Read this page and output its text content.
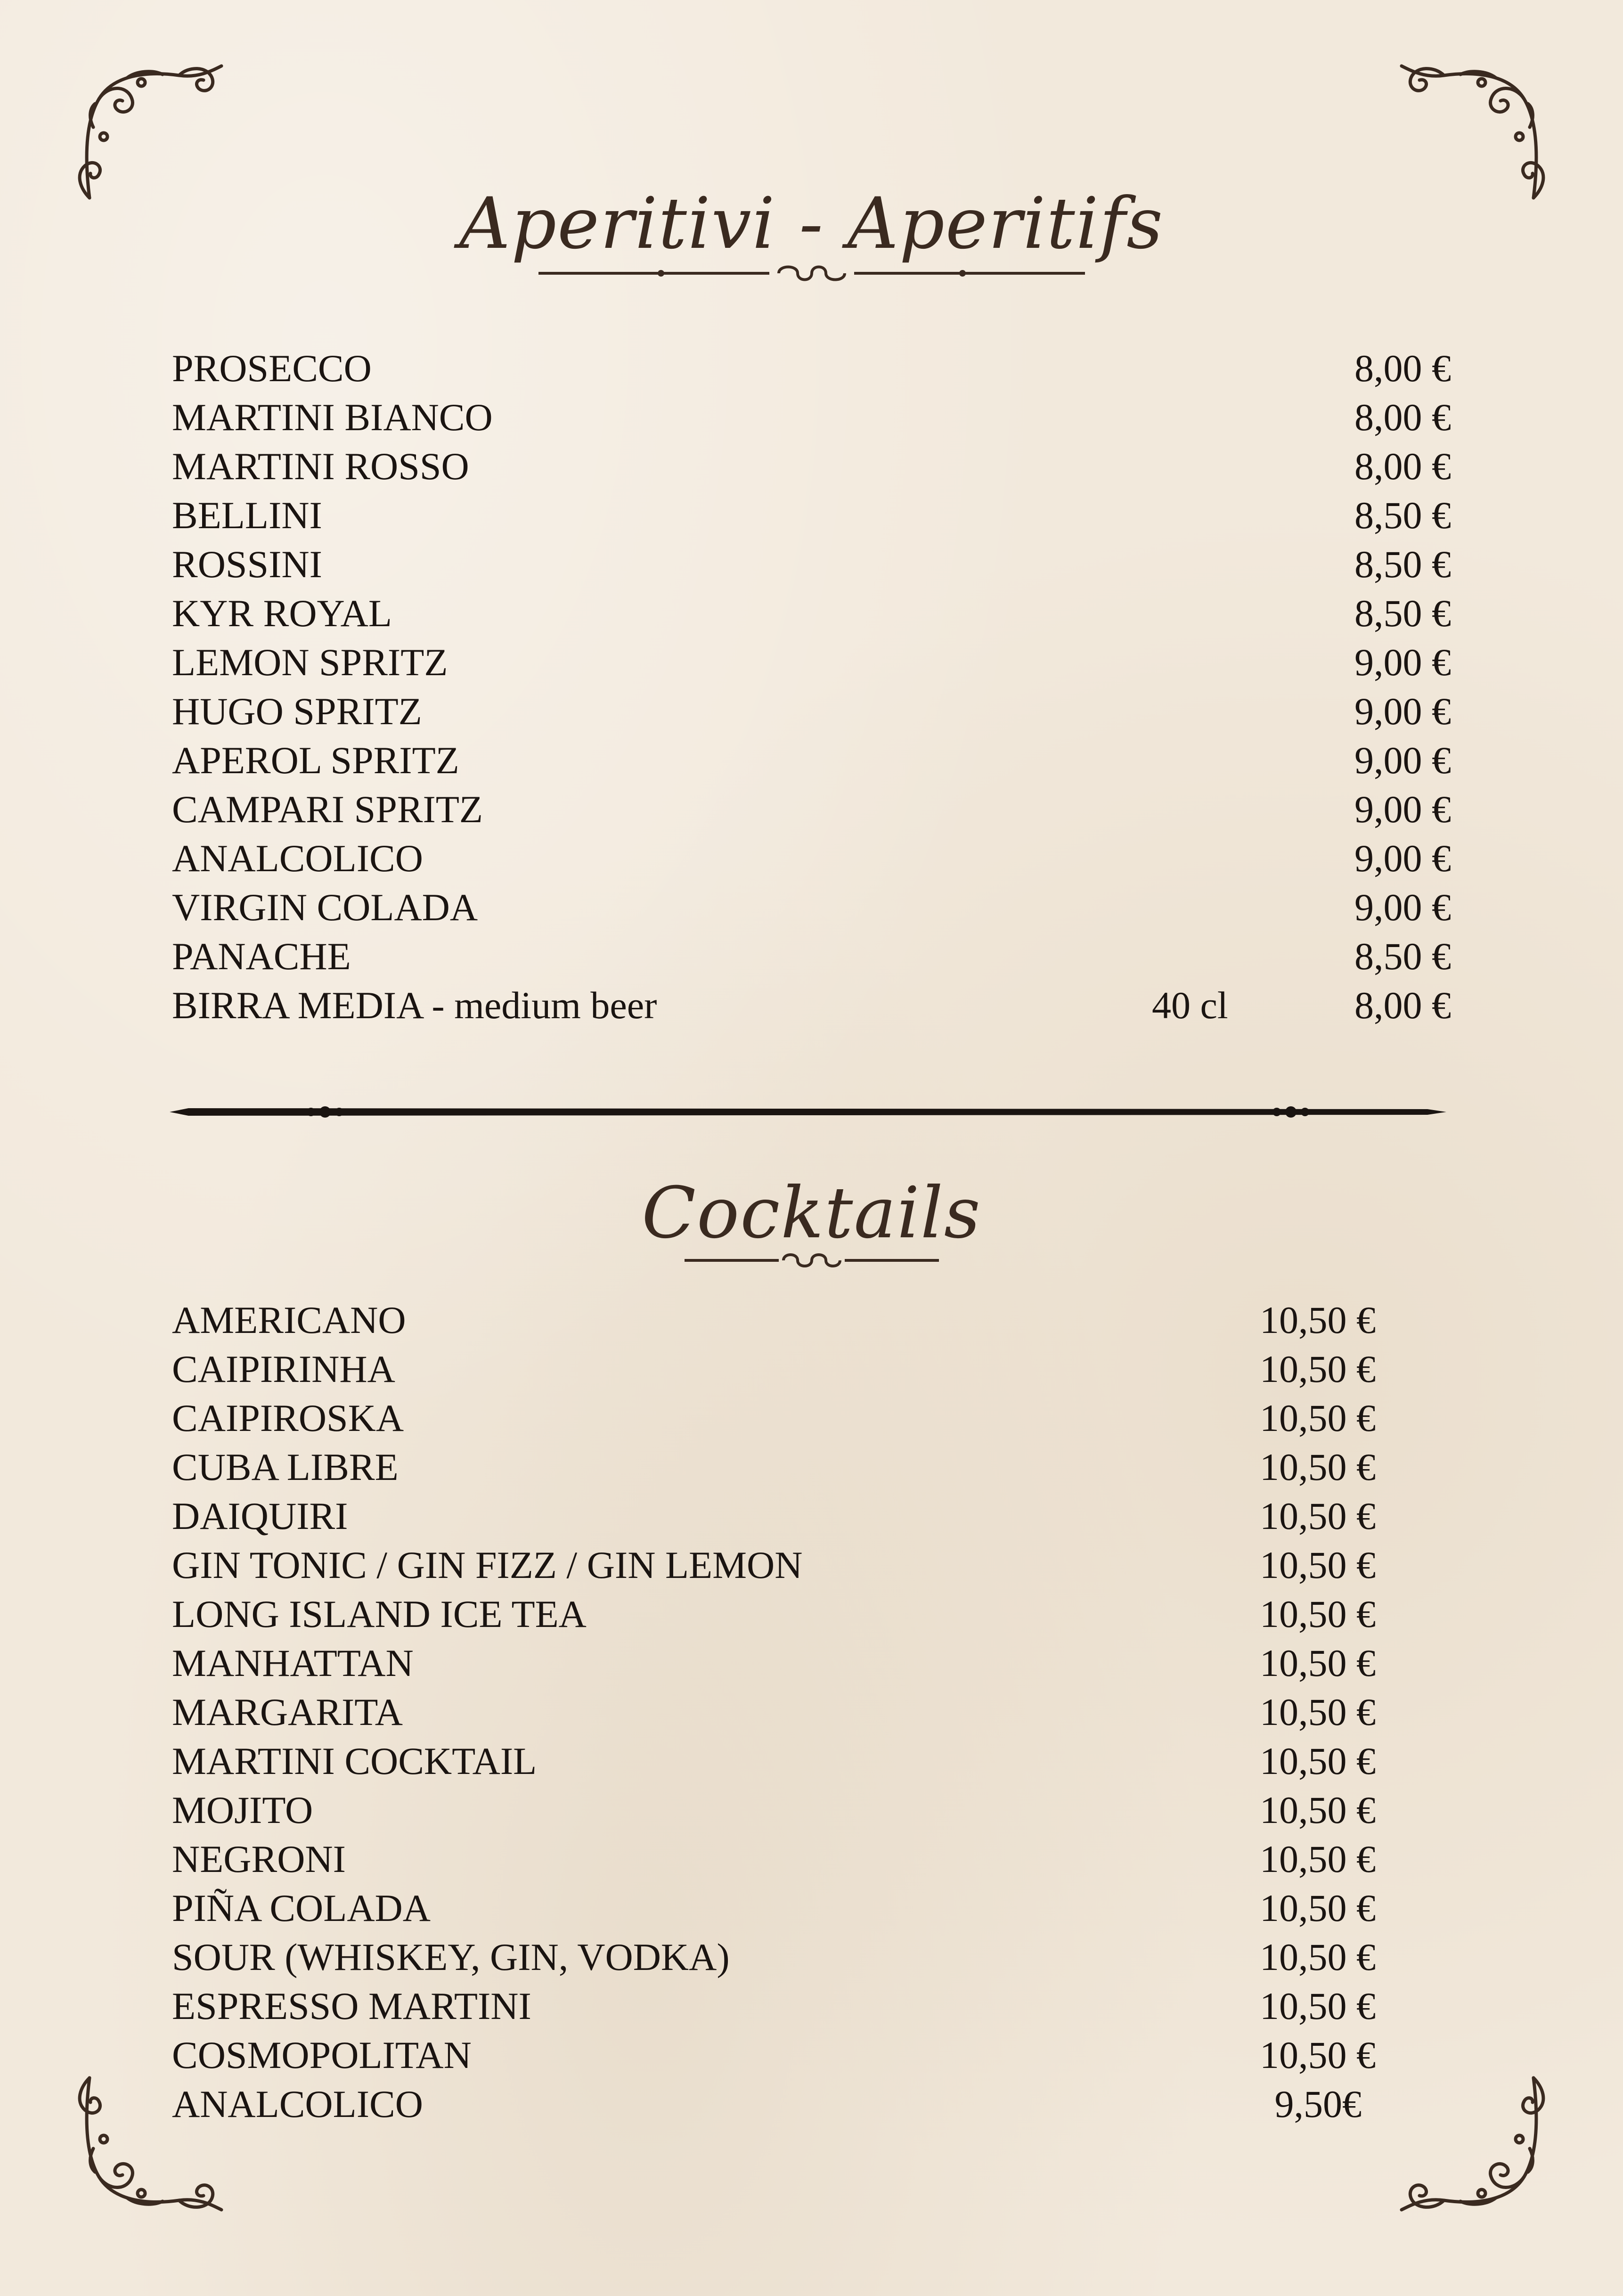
Aperitivi - Aperitifs
PROSECCO	8,00 €
MARTINI BIANCO	8,00 €
MARTINI ROSSO	8,00 €
BELLINI	8,50 €
ROSSINI	8,50 €
KYR ROYAL	8,50 €
LEMON SPRITZ	9,00 €
HUGO SPRITZ	9,00 €
APEROL SPRITZ	9,00 €
CAMPARI SPRITZ	9,00 €
ANALCOLICO	9,00 €
VIRGIN COLADA	9,00 €
PANACHE	8,50 €
BIRRA MEDIA - medium beer	40 cl	8,00 €
Cocktails
AMERICANO	10,50 €
CAIPIRINHA	10,50 €
CAIPIROSKA	10,50 €
CUBA LIBRE	10,50 €
DAIQUIRI	10,50 €
GIN TONIC / GIN FIZZ / GIN LEMON	10,50 €
LONG ISLAND ICE TEA	10,50 €
MANHATTAN	10,50 €
MARGARITA	10,50 €
MARTINI COCKTAIL	10,50 €
MOJITO	10,50 €
NEGRONI	10,50 €
PIÑA COLADA	10,50 €
SOUR (WHISKEY, GIN, VODKA)	10,50 €
ESPRESSO MARTINI	10,50 €
COSMOPOLITAN	10,50 €
ANALCOLICO	9,50€
